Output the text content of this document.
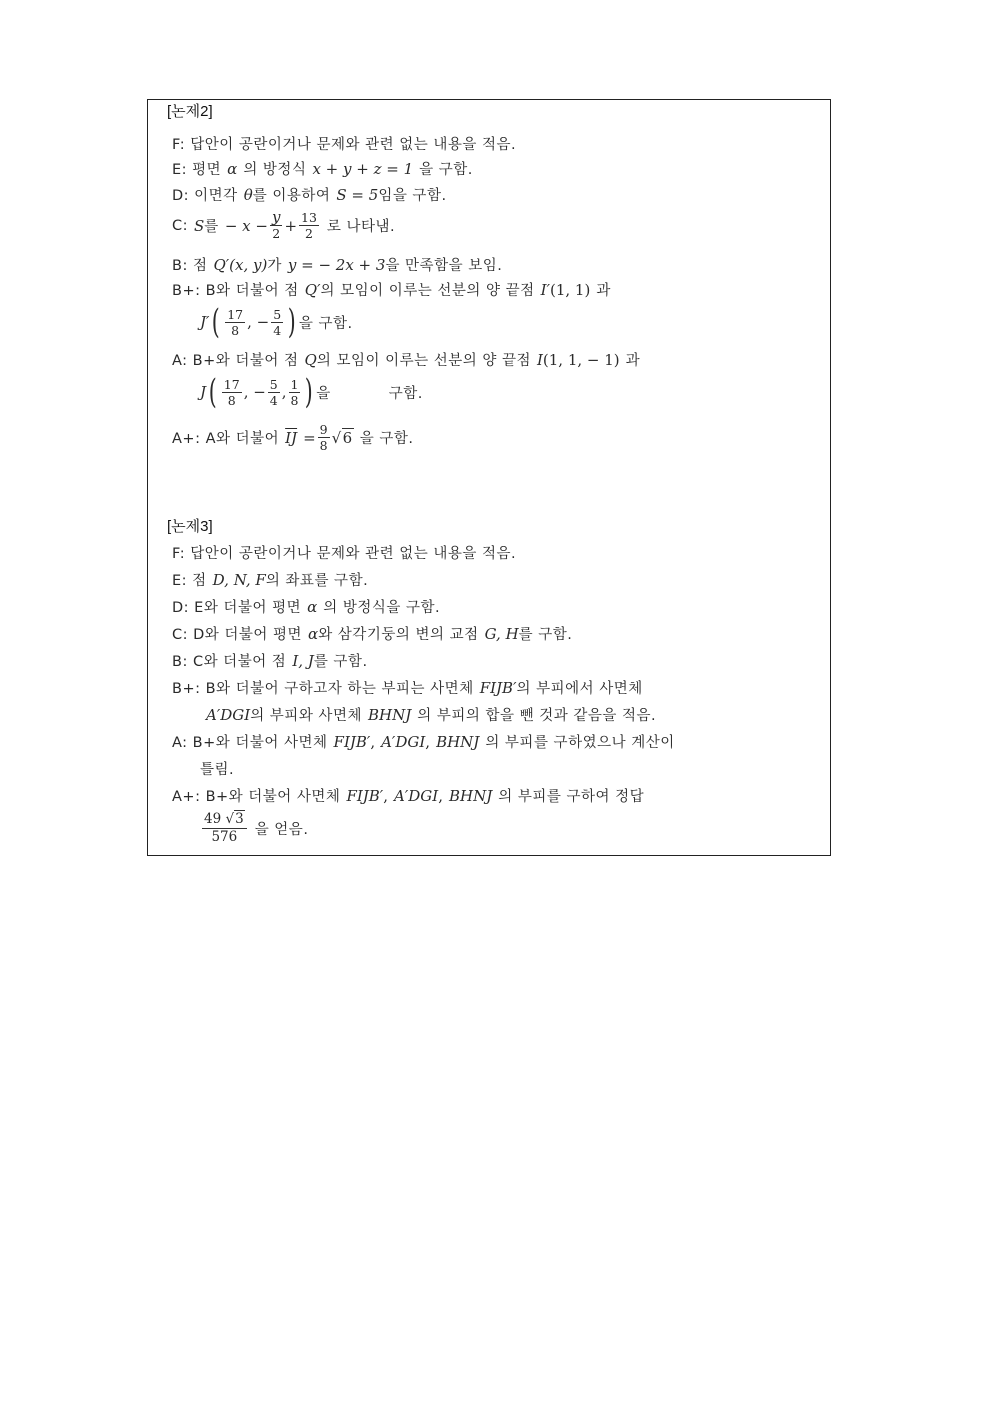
[논제2]
F: 답안이 공란이거나 문제와 관련 없는 내용을 적음.
E: 평면 α 의 방정식 x + y + z = 1 을 구함.
D: 이면각 θ 를 이용하여 S = 5 임을 구함.
C: S 를 − $x - \frac{y}{2} + \frac{13}{2}$ 로 나타냄.
B: 점 Q′(x, y) 가 y = − 2x + 3 을 만족함을 보임.
B+: B와 더불어 점 Q′ 의 모임이 이루는 선분의 양 끝점 I′ (1, 1) 과
J′ ( $\frac{17}{8}$ , − $\frac{5}{4}$ ) 을 구함.
A: B+와 더불어 점 Q 의 모임이 이루는 선분의 양 끝점 I (1, 1, − 1) 과
J ( $\frac{17}{8}$ , − $\frac{5}{4}$ , $\frac{1}{8}$ ) 을	구함.
A+: A와 더불어 $\overline{IJ} = \frac{9}{8} √6$ 을 구함.
[논제3]
F: 답안이 공란이거나 문제와 관련 없는 내용을 적음.
E: 점 D, N, F 의 좌표를 구함.
D: E와 더불어 평면 α 의 방정식을 구함.
C: D와 더불어 평면 α 와 삼각기둥의 변의 교점 G, H 를 구함.
B: C와 더불어 점 I, J 를 구함.
B+: B와 더불어 구하고자 하는 부피는 사면체 FIJB′ 의 부피에서 사면체
A′DGI 의 부피와 사면체 BHNJ 의 부피의 합을 뺀 것과 같음을 적음.
A: B+와 더불어 사면체 FIJB′ , A′DGI , BHNJ 의 부피를 구하였으나 계산이
틀림.
A+: B+와 더불어 사면체 FIJB′ , A′DGI , BHNJ 의 부피를 구하여 정답
$\frac{49 √3}{576}$ 을 얻음.
